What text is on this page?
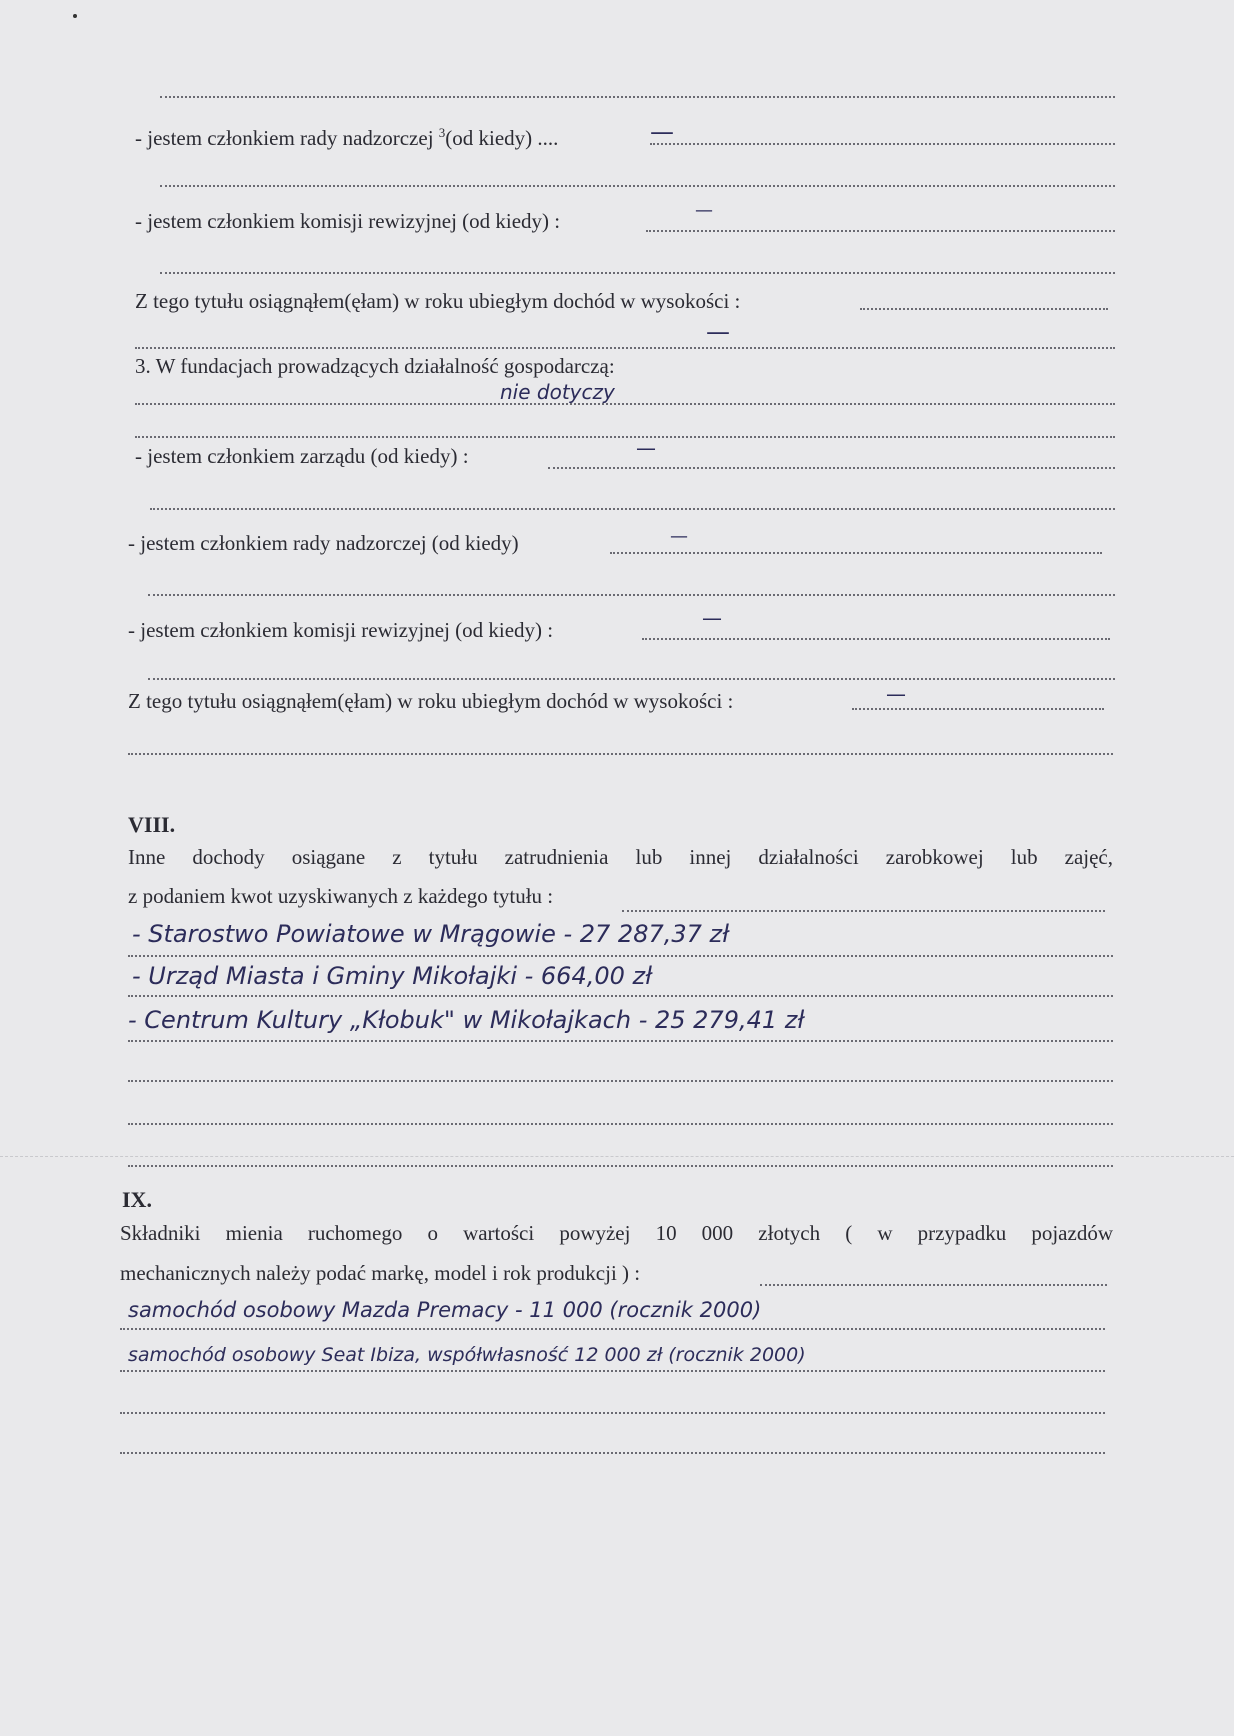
- jestem członkiem rady nadzorczej $^3$(od kiedy) ....	—
- jestem członkiem komisji rewizyjnej (od kiedy) :	—
Z tego tytułu osiągnąłem(ęłam) w roku ubiegłym dochód w wysokości :
—
3. W fundacjach prowadzących działalność gospodarczą:
nie dotyczy
- jestem członkiem zarządu (od kiedy) :	—
- jestem członkiem rady nadzorczej (od kiedy)	—
- jestem członkiem komisji rewizyjnej (od kiedy) :	—
Z tego tytułu osiągnąłem(ęłam) w roku ubiegłym dochód w wysokości :	—
VIII.
Inne dochody osiągane z tytułu zatrudnienia lub innej działalności zarobkowej lub zajęć,
z podaniem kwot uzyskiwanych z każdego tytułu :
- Starostwo Powiatowe w Mrągowie - 27 287,37 zł
- Urząd Miasta i Gminy Mikołajki - 664,00 zł
- Centrum Kultury „Kłobuk" w Mikołajkach - 25 279,41 zł
IX.
Składniki mienia ruchomego o wartości powyżej 10 000 złotych ( w przypadku pojazdów
mechanicznych należy podać markę, model i rok produkcji ) :
samochód osobowy Mazda Premacy - 11 000 (rocznik 2000)
samochód osobowy Seat Ibiza, współwłasność 12 000 zł (rocznik 2000)
